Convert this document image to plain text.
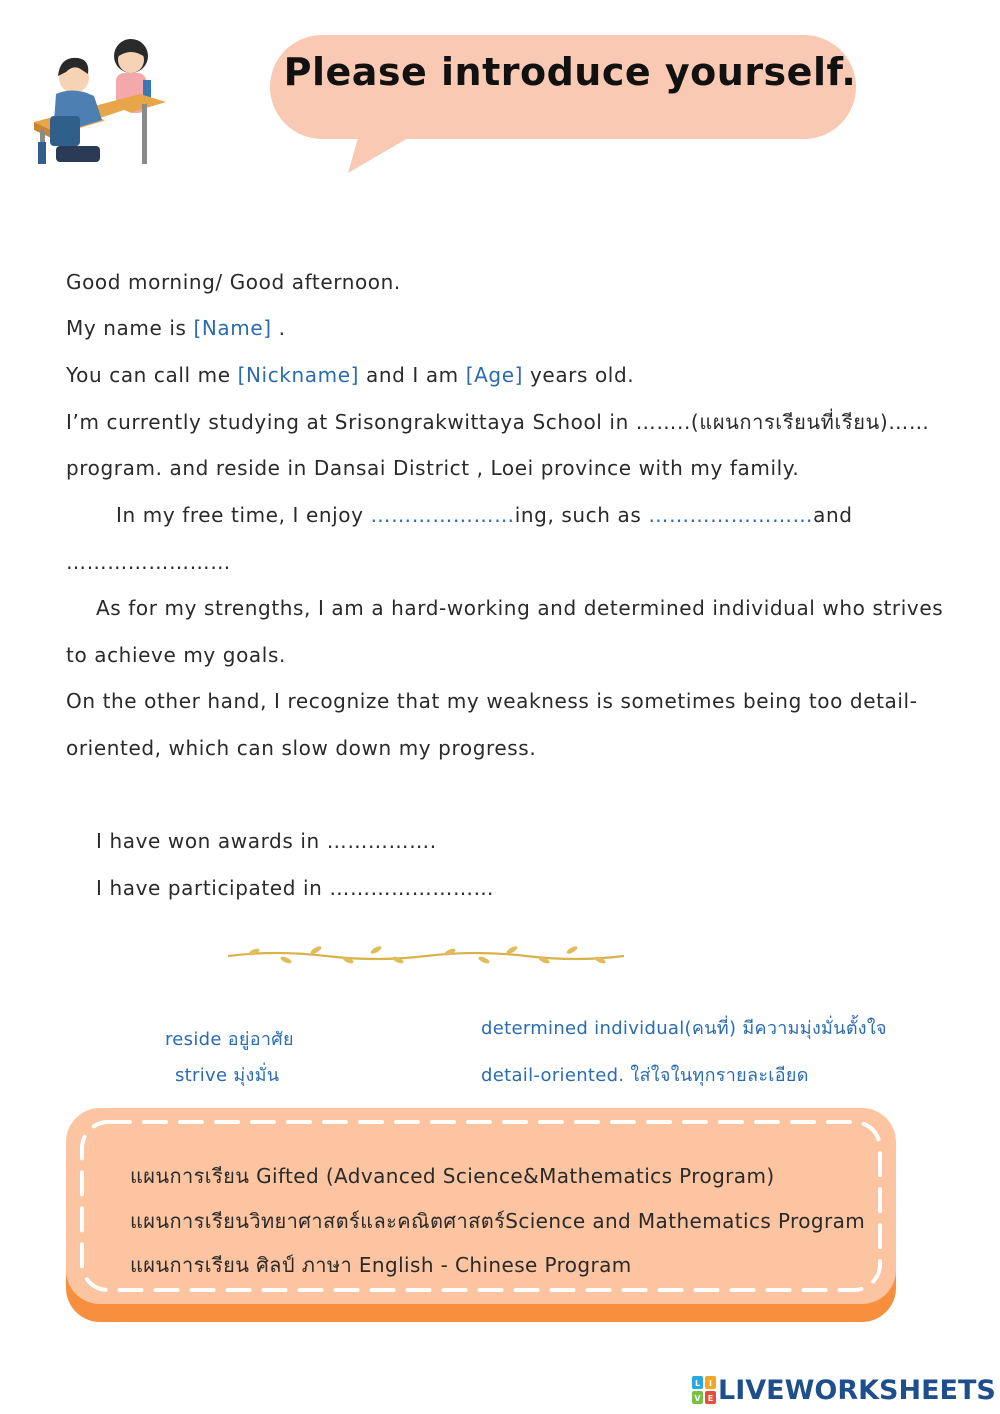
Please introduce yourself.
Good morning/ Good afternoon.
My name is [Name] .
You can call me [Nickname] and I am [Age] years old.
I’m currently studying at Srisongrakwittaya School in ……..(แผนการเรียนที่เรียน)……
program. and reside in Dansai District , Loei province with my family.
In my free time, I enjoy …………………ing, such as ……………………and
……………………
As for my strengths, I am a hard-working and determined individual who strives
to achieve my goals.
On the other hand, I recognize that my weakness is sometimes being too detail-
oriented, which can slow down my progress.
I have won awards in …………….
I have participated in ……………………
reside อยู่อาศัย
strive มุ่งมั่น
determined individual(คนที่) มีความมุ่งมั่นตั้งใจ
detail-oriented. ใส่ใจในทุกรายละเอียด
แผนการเรียน Gifted (Advanced Science&Mathematics Program)
แผนการเรียนวิทยาศาสตร์และคณิตศาสตร์Science and Mathematics Program
แผนการเรียน ศิลป์ ภาษา English - Chinese Program
L I
V E LIVEWORKSHEETS
